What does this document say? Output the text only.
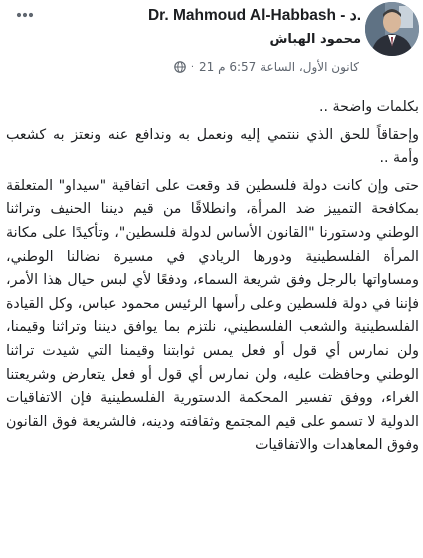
Dr. Mahmoud Al-Habbash - د.
محمود الهباش
21 كانون الأول، الساعة 6:57 م
·

بكلمات واضحة ..

وإحقاقاً للحق الذي ننتمي إليه ونعمل به وندافع عنه ونعتز به كشعب وأمة ..

حتى وإن كانت دولة فلسطين قد وقعت على اتفاقية "سيداو" المتعلقة بمكافحة التمييز ضد المرأة، وانطلاقًا من قيم ديننا الحنيف وتراثنا الوطني ودستورنا "القانون الأساس لدولة فلسطين"، وتأكيدًا على مكانة المرأة الفلسطينية ودورها الريادي في مسيرة نضالنا الوطني، ومساواتها بالرجل وفق شريعة السماء، ودفعًا لأي لبس حيال هذا الأمر، فإننا في دولة فلسطين وعلى رأسها الرئيس محمود عباس، وكل القيادة الفلسطينية والشعب الفلسطيني، نلتزم بما يوافق ديننا وتراثنا وقيمنا، ولن نمارس أي قول أو فعل يمس ثوابتنا وقيمنا التي شيدت تراثنا الوطني وحافظت عليه، ولن نمارس أي قول أو فعل يتعارض وشريعتنا الغراء، ووفق تفسير المحكمة الدستورية الفلسطينية فإن الاتفاقيات الدولية لا تسمو على قيم المجتمع وثقافته ودينه، فالشريعة فوق القانون وفوق المعاهدات والاتفاقيات
